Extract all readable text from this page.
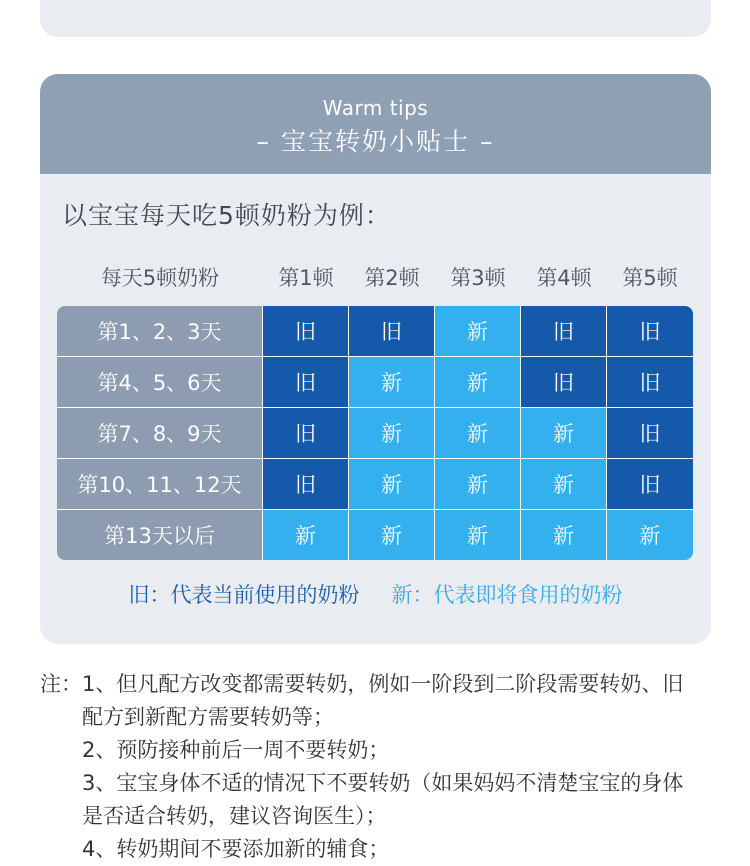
Warm tips
– 宝宝转奶小贴士 –
以宝宝每天吃5顿奶粉为例：
每天5顿奶粉	第1顿	第2顿	第3顿	第4顿	第5顿
第1、2、3天	旧	旧	新	旧	旧
第4、5、6天	旧	新	新	旧	旧
第7、8、9天	旧	新	新	新	旧
第10、11、12天	旧	新	新	新	旧
第13天以后	新	新	新	新	新
旧：代表当前使用的奶粉 新：代表即将食用的奶粉
注：1、但凡配方改变都需要转奶，例如一阶段到二阶段需要转奶、旧
配方到新配方需要转奶等；
2、预防接种前后一周不要转奶；
3、宝宝身体不适的情况下不要转奶（如果妈妈不清楚宝宝的身体
是否适合转奶，建议咨询医生）；
4、转奶期间不要添加新的辅食；
